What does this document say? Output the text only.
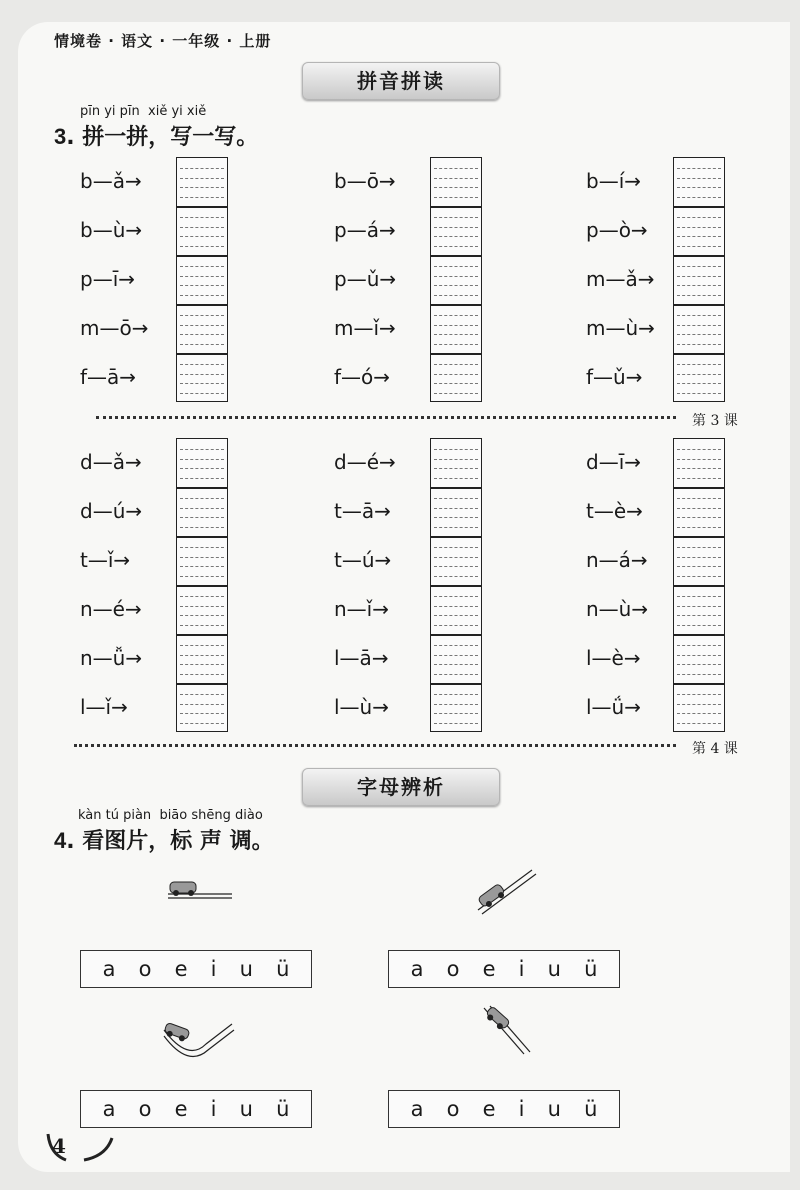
情境卷 · 语文 · 一年级 · 上册
拼音拼读
pīn yi pīn  xiě yi xiě
3. 拼一拼，写一写。
b—ǎ→	b—ō→	b—í→
b—ù→	p—á→	p—ò→
p—ī→	p—ǔ→	m—ǎ→
m—ō→	m—ǐ→	m—ù→
f—ā→	f—ó→	f—ǔ→
第 3 课
d—ǎ→	d—é→	d—ī→
d—ú→	t—ā→	t—è→
t—ǐ→	t—ú→	n—á→
n—é→	n—ǐ→	n—ù→
n—ǚ→	l—ā→	l—è→
l—ǐ→	l—ù→	l—ǘ→
第 4 课
字母辨析
kàn tú piàn  biāo shēng diào
4. 看图片，标 声 调。
a o e i u ü	a o e i u ü
a o e i u ü	a o e i u ü
4
